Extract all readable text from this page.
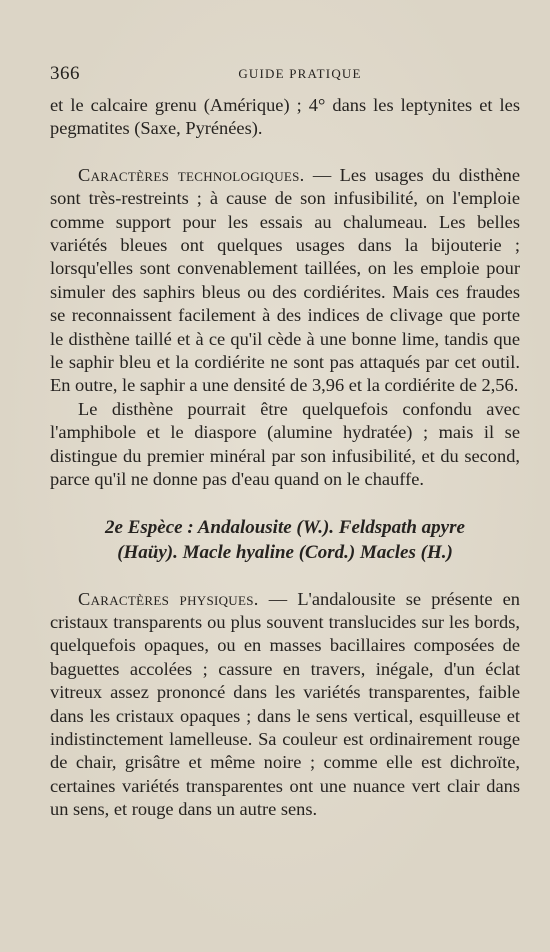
366	GUIDE PRATIQUE

et le calcaire grenu (Amérique) ; 4° dans les leptynites et les pegmatites (Saxe, Pyrénées).

Caractères technologiques. — Les usages du disthène sont très-restreints ; à cause de son infusibilité, on l'emploie comme support pour les essais au chalumeau. Les belles variétés bleues ont quelques usages dans la bijouterie ; lorsqu'elles sont convenablement taillées, on les emploie pour simuler des saphirs bleus ou des cordiérites. Mais ces fraudes se reconnaissent facilement à des indices de clivage que porte le disthène taillé et à ce qu'il cède à une bonne lime, tandis que le saphir bleu et la cordiérite ne sont pas attaqués par cet outil. En outre, le saphir a une densité de 3,96 et la cordiérite de 2,56.

Le disthène pourrait être quelquefois confondu avec l'amphibole et le diaspore (alumine hydratée) ; mais il se distingue du premier minéral par son infusibilité, et du second, parce qu'il ne donne pas d'eau quand on le chauffe.

2e Espèce : Andalousite (W.). Feldspath apyre

(Haüy). Macle hyaline (Cord.) Macles (H.)

Caractères physiques. — L'andalousite se présente en cristaux transparents ou plus souvent translucides sur les bords, quelquefois opaques, ou en masses bacillaires composées de baguettes accolées ; cassure en travers, inégale, d'un éclat vitreux assez prononcé dans les variétés transparentes, faible dans les cristaux opaques ; dans le sens vertical, esquilleuse et indistinctement lamelleuse. Sa couleur est ordinairement rouge de chair, grisâtre et même noire ; comme elle est dichroïte, certaines variétés transparentes ont une nuance vert clair dans un sens, et rouge dans un autre sens.
